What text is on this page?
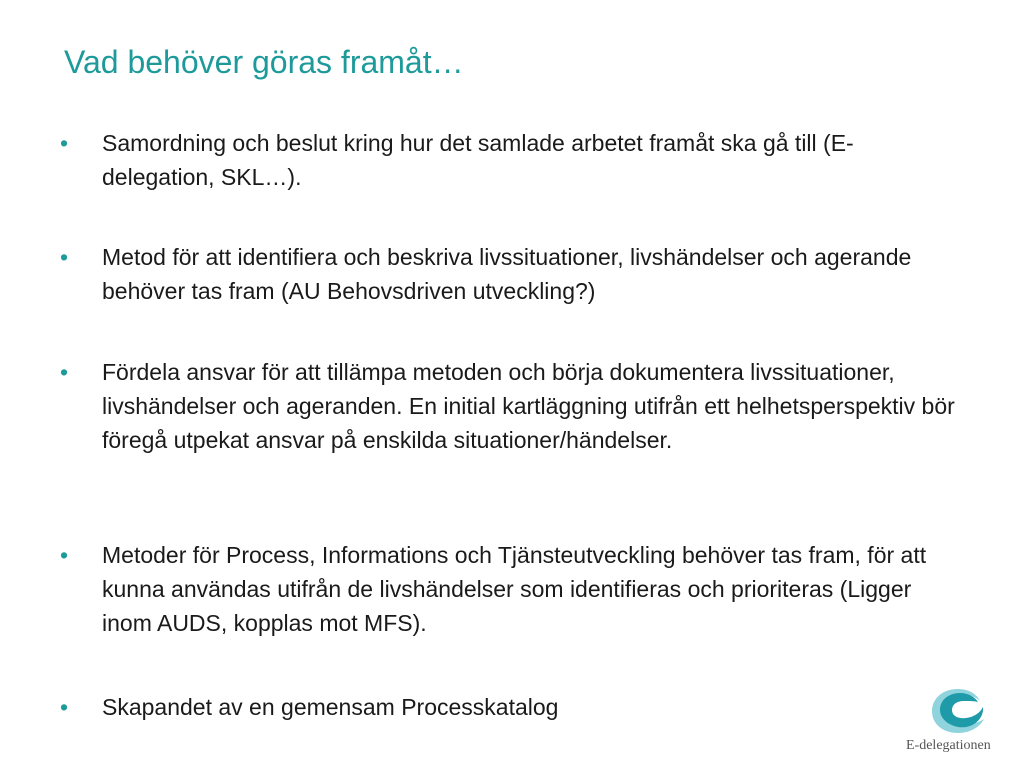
Vad behöver göras framåt…
•	Samordning och beslut kring hur det samlade arbetet framåt ska gå till (E-delegation, SKL…).
•	Metod för att identifiera och beskriva livssituationer, livshändelser och agerande behöver tas fram (AU Behovsdriven utveckling?)
•	Fördela ansvar för att tillämpa metoden och börja dokumentera livssituationer, livshändelser och ageranden. En initial kartläggning utifrån ett helhetsperspektiv bör föregå utpekat ansvar på enskilda situationer/händelser.
•	Metoder för Process, Informations och Tjänsteutveckling behöver tas fram, för att kunna användas utifrån de livshändelser som identifieras och prioriteras (Ligger inom AUDS, kopplas mot MFS).
•	Skapandet av en gemensam Processkatalog
E-delegationen
